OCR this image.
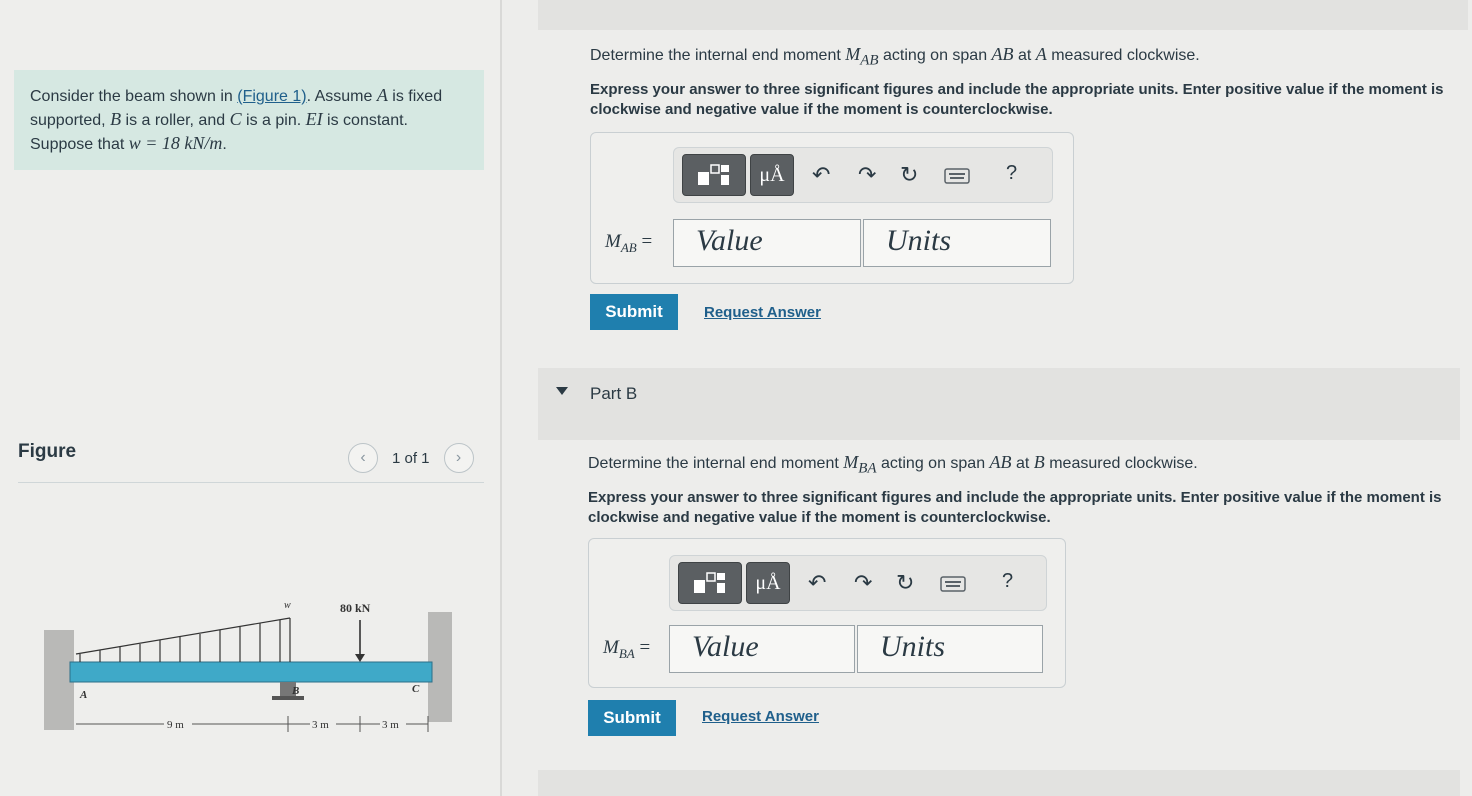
Consider the beam shown in (Figure 1). Assume A is fixed supported, B is a roller, and C is a pin. EI is constant. Suppose that w = 18 kN/m.
Figure	‹ 1 of 1 ›
w	80 kN
A	B	C
9 m	3 m	3 m
Determine the internal end moment $M_{AB}$ acting on span AB at A measured clockwise.
Express your answer to three significant figures and include the appropriate units. Enter positive value if the moment is clockwise and negative value if the moment is counterclockwise.
μÅ ↶ ↷ ↻	?
$M_{AB}$ =	Value	Units
Submit	Request Answer
Part B
Determine the internal end moment $M_{BA}$ acting on span AB at B measured clockwise.
Express your answer to three significant figures and include the appropriate units. Enter positive value if the moment is clockwise and negative value if the moment is counterclockwise.
μÅ ↶ ↷ ↻	?
$M_{BA}$ =	Value	Units
Submit	Request Answer
